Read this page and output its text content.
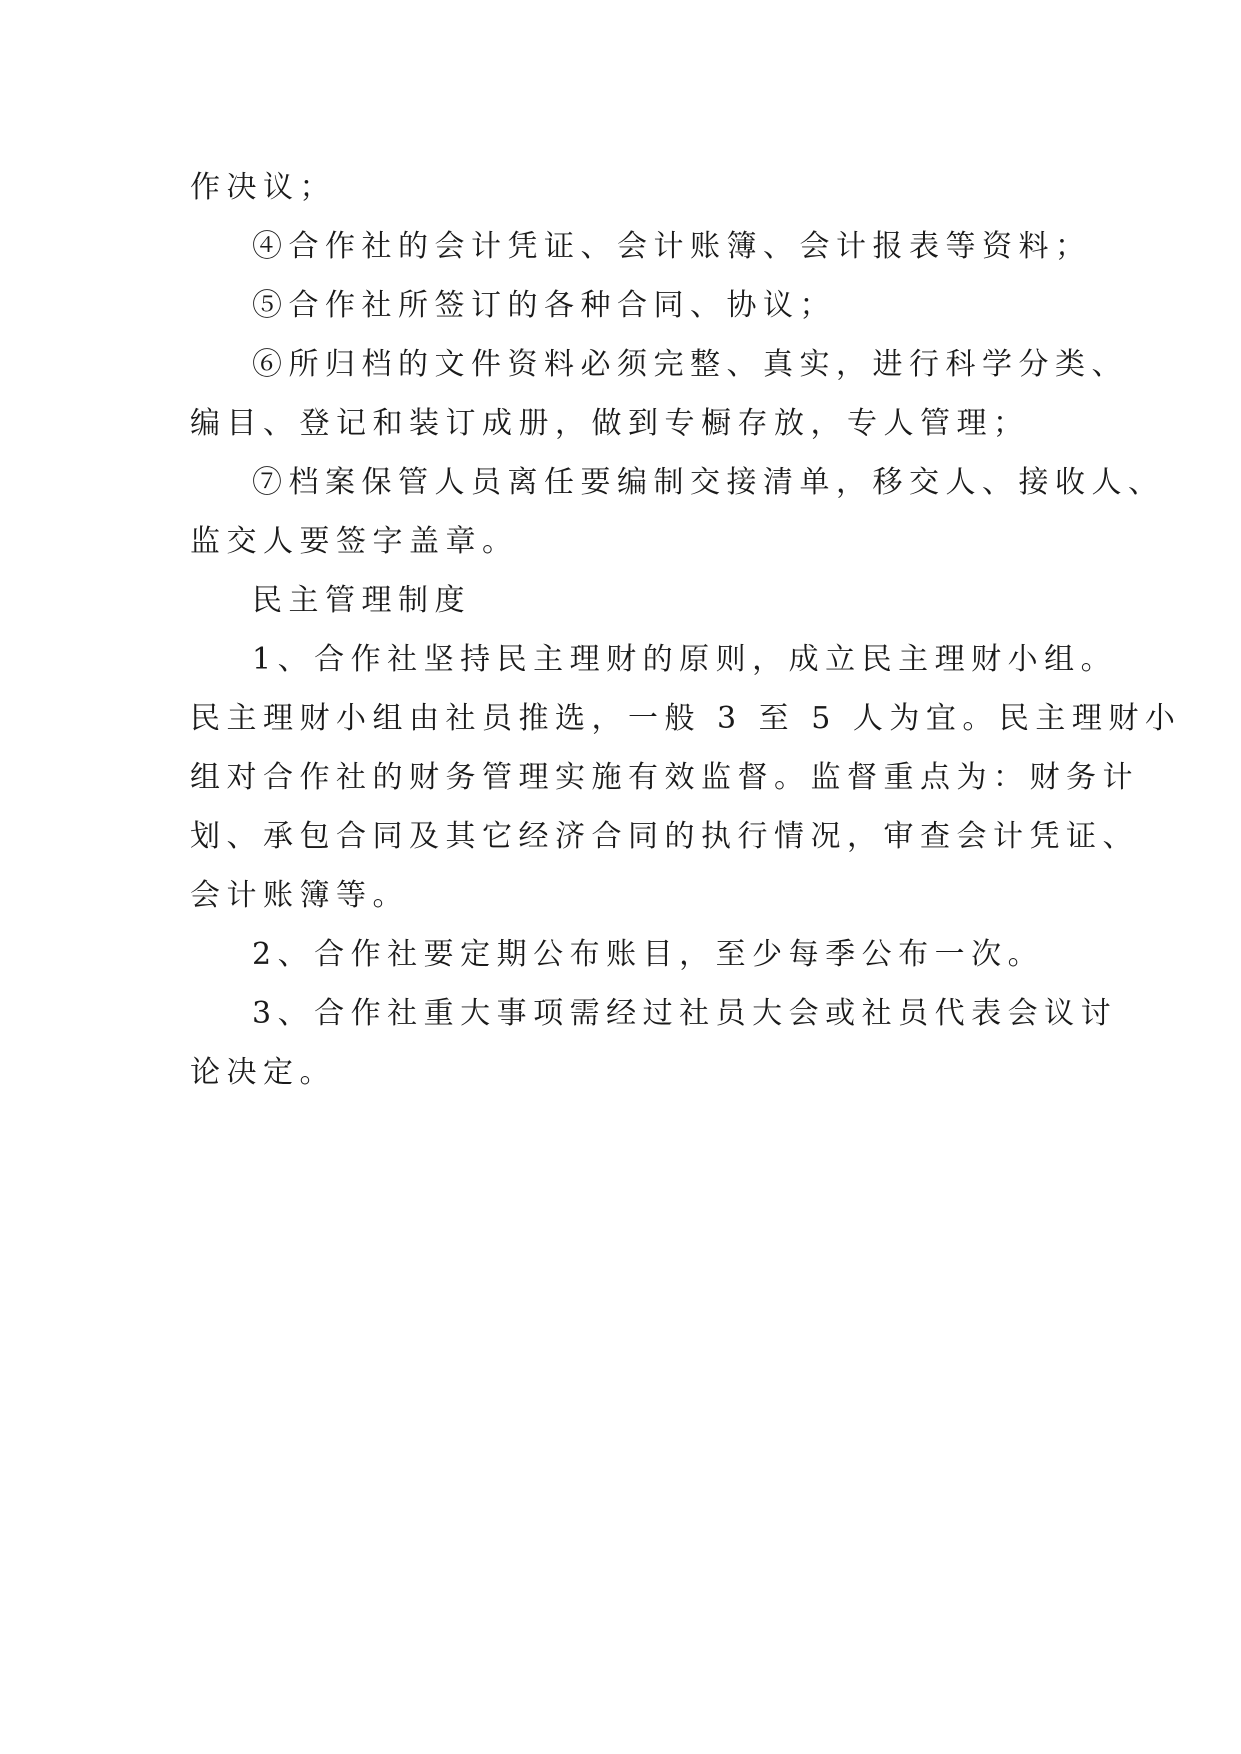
作决议；
④合作社的会计凭证、会计账簿、会计报表等资料；
⑤合作社所签订的各种合同、协议；
⑥所归档的文件资料必须完整、真实，进行科学分类、
编目、登记和装订成册，做到专橱存放，专人管理；
⑦档案保管人员离任要编制交接清单，移交人、接收人、
监交人要签字盖章。
民主管理制度
1、合作社坚持民主理财的原则，成立民主理财小组。
民主理财小组由社员推选，一般 3 至 5 人为宜。民主理财小
组对合作社的财务管理实施有效监督。监督重点为：财务计
划、承包合同及其它经济合同的执行情况，审查会计凭证、
会计账簿等。
2、合作社要定期公布账目，至少每季公布一次。
3、合作社重大事项需经过社员大会或社员代表会议讨
论决定。
